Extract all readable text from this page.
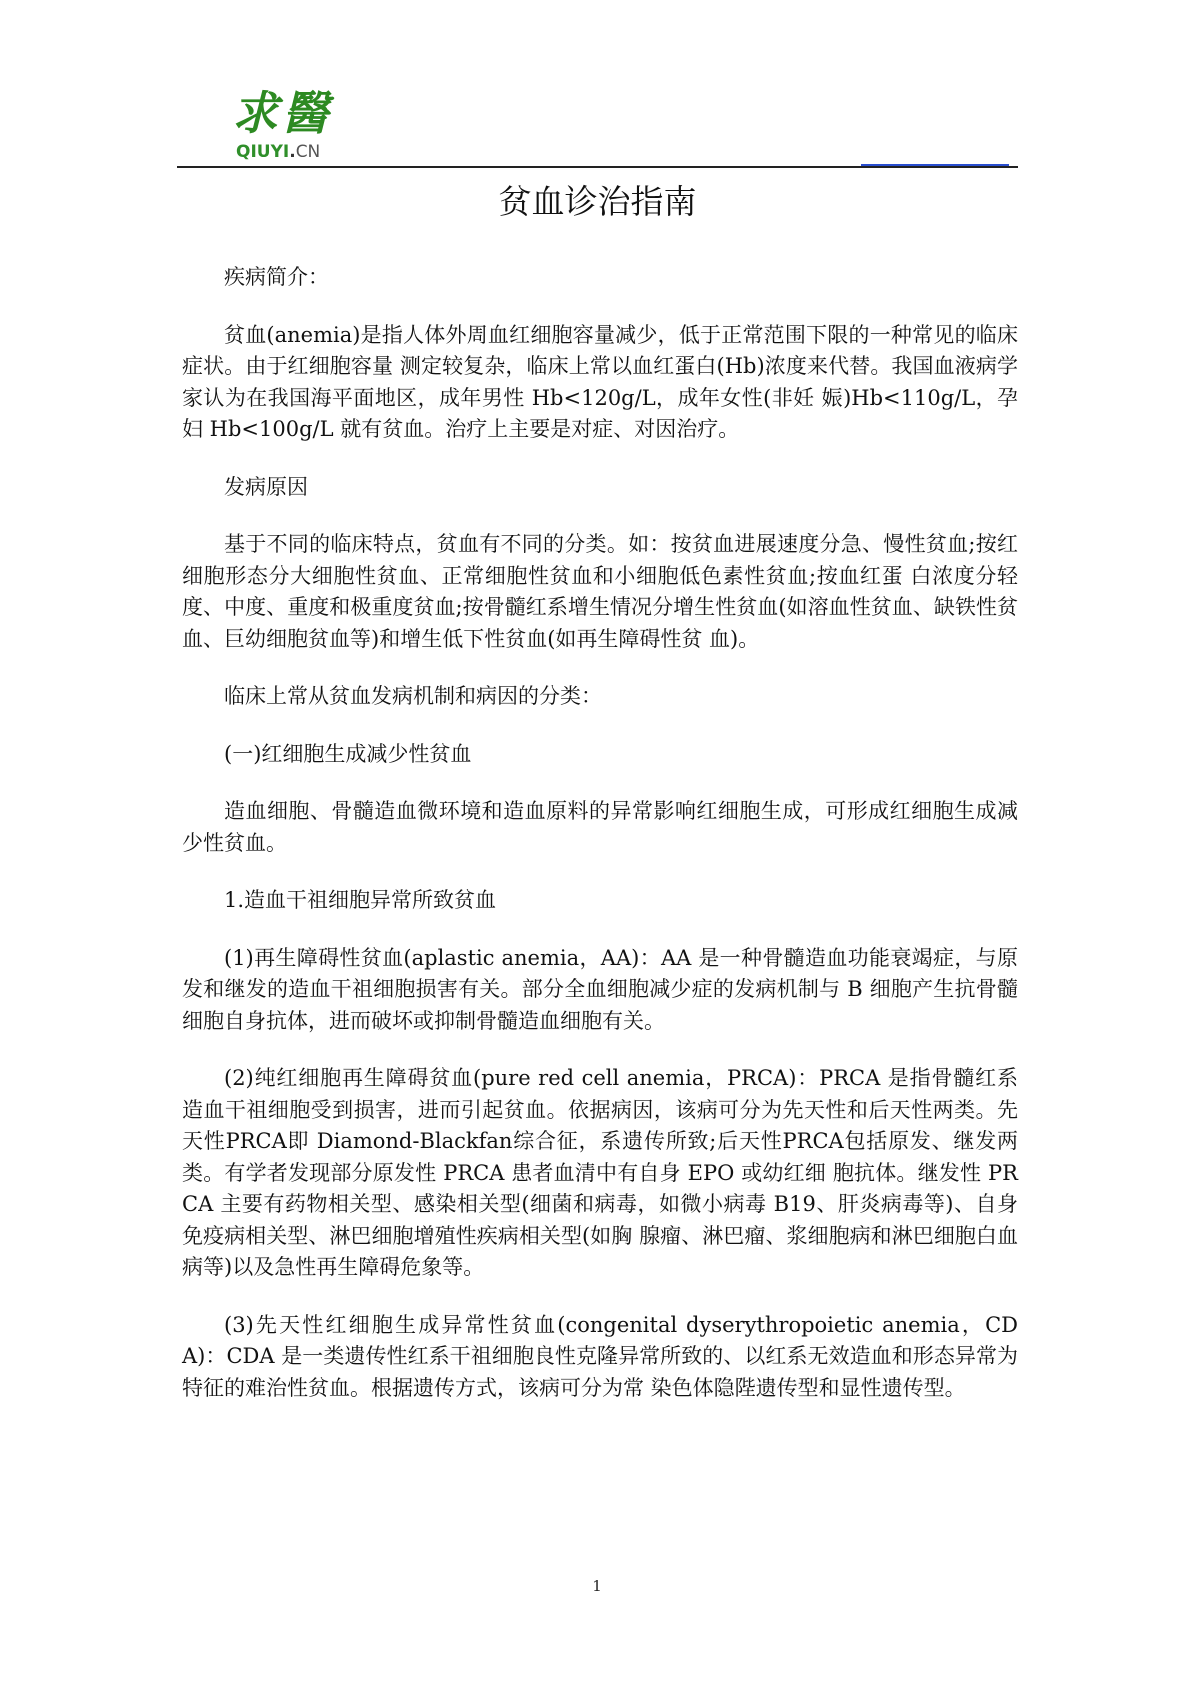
求醫
QIUYI.CN
贫血诊治指南

疾病简介：

贫血(anemia)是指人体外周血红细胞容量减少，低于正常范围下限的一种常见的临床症状。由于红细胞容量 测定较复杂，临床上常以血红蛋白(Hb)浓度来代替。我国血液病学家认为在我国海平面地区，成年男性 Hb<120g/L，成年女性(非妊 娠)Hb<110g/L，孕妇 Hb<100g/L 就有贫血。治疗上主要是对症、对因治疗。

发病原因

基于不同的临床特点，贫血有不同的分类。如：按贫血进展速度分急、慢性贫血;按红细胞形态分大细胞性贫血、正常细胞性贫血和小细胞低色素性贫血;按血红蛋 白浓度分轻度、中度、重度和极重度贫血;按骨髓红系增生情况分增生性贫血(如溶血性贫血、缺铁性贫血、巨幼细胞贫血等)和增生低下性贫血(如再生障碍性贫 血)。

临床上常从贫血发病机制和病因的分类：

(一)红细胞生成减少性贫血

造血细胞、骨髓造血微环境和造血原料的异常影响红细胞生成，可形成红细胞生成减少性贫血。

1.造血干祖细胞异常所致贫血

(1)再生障碍性贫血(aplastic anemia，AA)：AA 是一种骨髓造血功能衰竭症，与原发和继发的造血干祖细胞损害有关。部分全血细胞减少症的发病机制与 B 细胞产生抗骨髓细胞自身抗体，进而破坏或抑制骨髓造血细胞有关。

(2)纯红细胞再生障碍贫血(pure red cell anemia，PRCA)：PRCA 是指骨髓红系造血干祖细胞受到损害，进而引起贫血。依据病因，该病可分为先天性和后天性两类。先天性PRCA即 Diamond-Blackfan综合征，系遗传所致;后天性PRCA包括原发、继发两类。有学者发现部分原发性 PRCA 患者血清中有自身 EPO 或幼红细 胞抗体。继发性 PRCA 主要有药物相关型、感染相关型(细菌和病毒，如微小病毒 B19、肝炎病毒等)、自身免疫病相关型、淋巴细胞增殖性疾病相关型(如胸 腺瘤、淋巴瘤、浆细胞病和淋巴细胞白血病等)以及急性再生障碍危象等。

(3)先天性红细胞生成异常性贫血(congenital dyserythropoietic anemia，CDA)：CDA 是一类遗传性红系干祖细胞良性克隆异常所致的、以红系无效造血和形态异常为特征的难治性贫血。根据遗传方式，该病可分为常 染色体隐陛遗传型和显性遗传型。

1
